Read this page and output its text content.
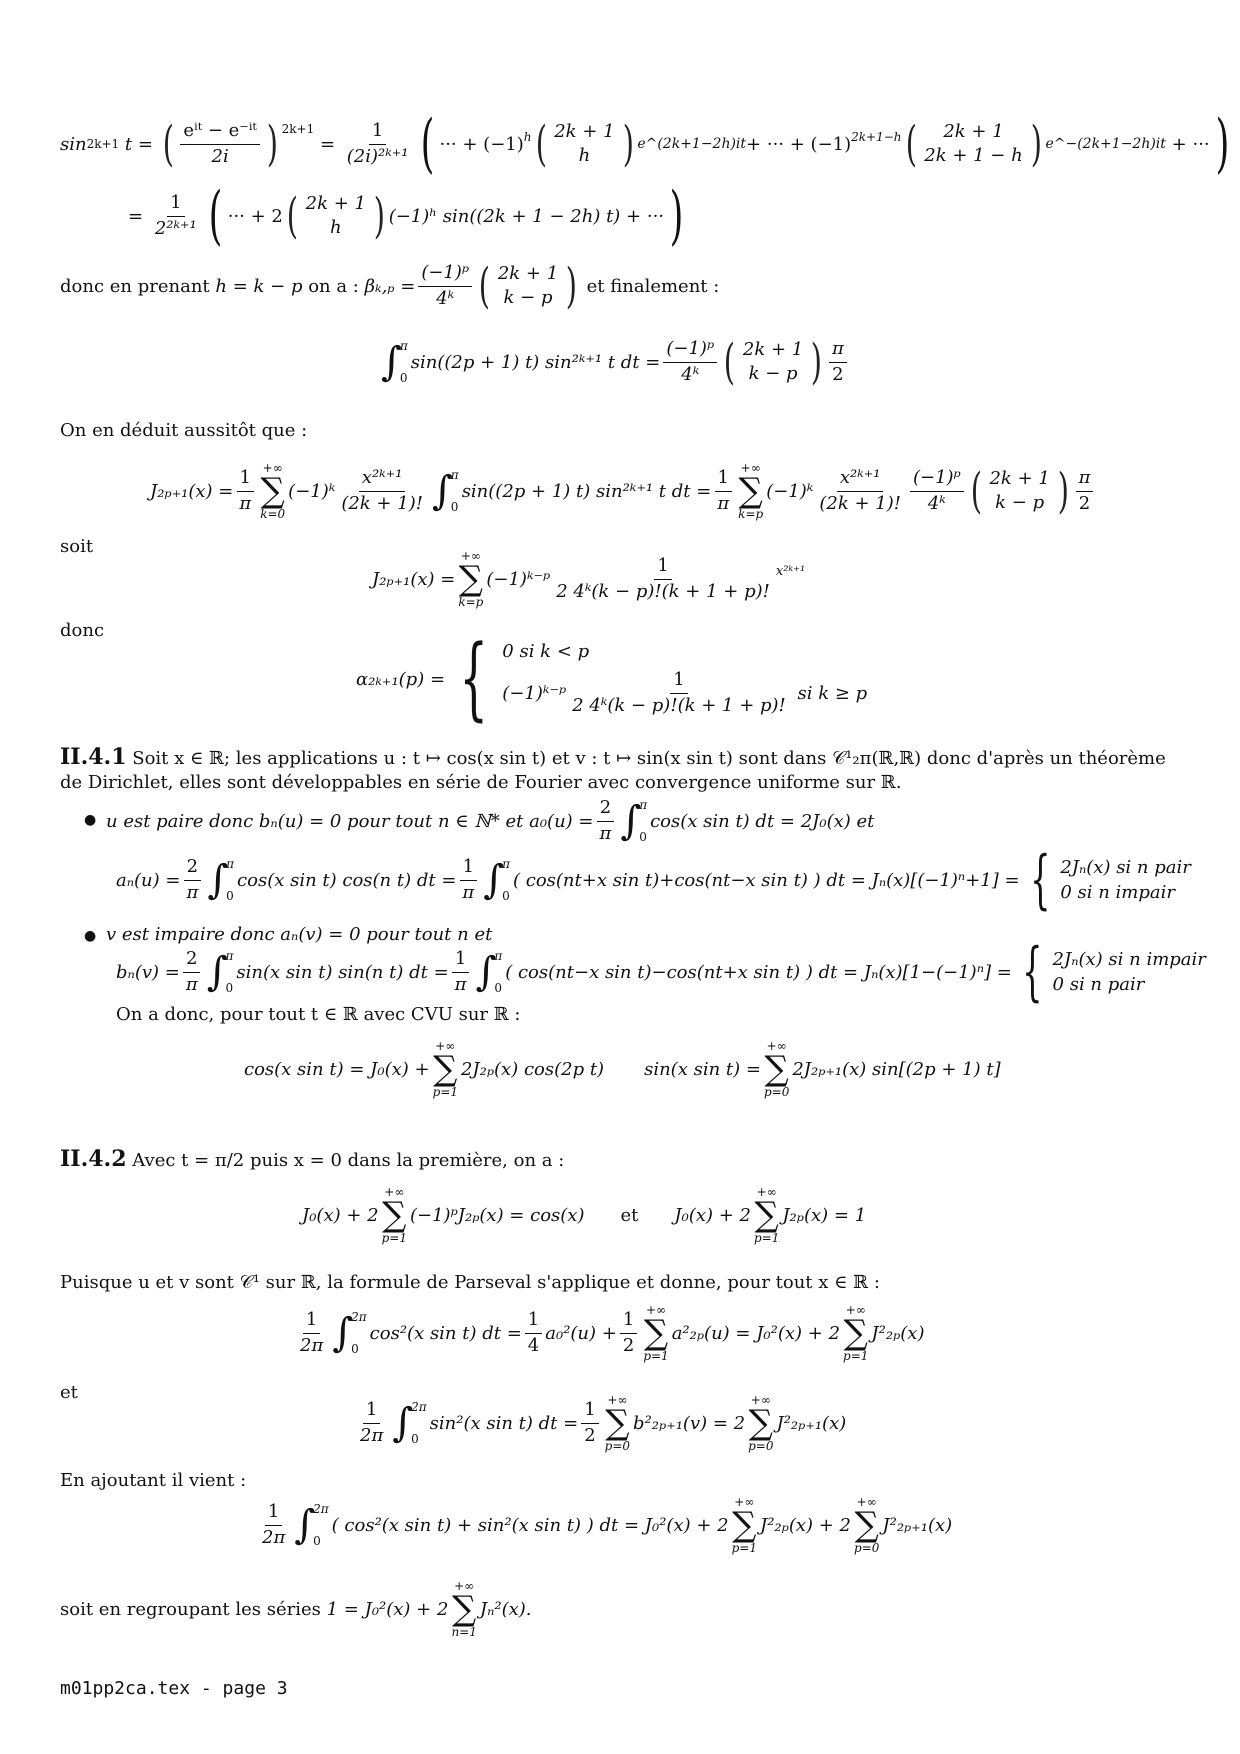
sin 2k+1 t = ( $\frac{\text{eⁱᵗ − e⁻ⁱᵗ}}{2i}$ ) $^{2k+1}$
= $\frac{1}{\text{(2i)²ᵏ⁺¹}}$ ( ··· + $(-1)^h$ ( 2k + 1
h ) e^(2k+1−2h)it + ··· + $(-1)^{2k+1-h}$ ( 2k + 1
2k + 1 − h ) e^−(2k+1−2h)it
+ ··· )
= $\frac{1}{\text{2²ᵏ⁺¹}}$ ( ··· + 2 ( 2k + 1
h ) (−1)ʰ sin((2k + 1 − 2h) t) + ··· )
donc en prenant
h = k − p
on a :
$\beta_k,_p = \frac{\text{(−1)ᵖ}}{\text{4ᵏ}}$ ( 2k + 1
k − p )
et finalement :
∫
π
0
sin((2p + 1) t) sin²ᵏ⁺¹ t dt = $\frac{\text{(−1)ᵖ}}{\text{4ᵏ}}$ ( 2k + 1
k − p ) $\frac{\pi}{2}$
On en déduit aussitôt que :
$J_{2p+1}(x) = \frac{1}{\pi}$ +∞
∑
k=0
(−1)ᵏ $\frac{\text{x²ᵏ⁺¹}}{(2k + 1)!}$ ∫
π
0
sin((2p + 1) t) sin²ᵏ⁺¹ t dt = $\frac{1}{\pi}$ +∞
∑
k=p
(−1)ᵏ $\frac{\text{x²ᵏ⁺¹}}{(2k + 1)!} \frac{\text{(−1)ᵖ}}{\text{4ᵏ}}$ ( 2k + 1
k − p ) $\frac{\pi}{2}$
soit
J₂ₚ₊₁(x) =
+∞
∑
k=p
(−1)ᵏ⁻ᵖ $\frac{1}{\text{2 4ᵏ(k − p)!(k + 1 + p)!}}$ x²ᵏ⁺¹
donc
α₂ₖ₊₁(p) = { 0 si k < p
(−1)ᵏ⁻ᵖ $\frac{1}{\text{2 4ᵏ(k − p)!(k + 1 + p)!}}$
si k ≥ p
II.4.1 Soit x ∈ ℝ; les applications u : t ↦ cos(x sin t) et v : t ↦ sin(x sin t) sont dans 𝒞¹₂π(ℝ,ℝ) donc d'après un théorème
de Dirichlet, elles sont développables en série de Fourier avec convergence uniforme sur ℝ.
● u est paire donc bₙ(u) = 0 pour tout n ∈ ℕ* et $a_0(u) = \frac{2}{\pi}$ ∫
π
0
cos(x sin t) dt = 2J₀(x) et
$a_n(u) = \frac{2}{\pi}$ ∫
π
0
cos(x sin t) cos(n t) dt = $\frac{1}{\pi}$ ∫
π
0
( cos(nt+x sin t)+cos(nt−x sin t) ) dt = Jₙ(x)[(−1)ⁿ+1] = { 2Jₙ(x) si n pair
0 si n impair
● v est impaire donc aₙ(v) = 0 pour tout n et
$b_n(v) = \frac{2}{\pi}$ ∫
π
0
sin(x sin t) sin(n t) dt = $\frac{1}{\pi}$ ∫
π
0
( cos(nt−x sin t)−cos(nt+x sin t) ) dt = Jₙ(x)[1−(−1)ⁿ] = { 2Jₙ(x) si n impair
0 si n pair
On a donc, pour tout t ∈ ℝ avec CVU sur ℝ :
cos(x sin t) = J₀(x) +
+∞
∑
p=1
2J₂ₚ(x) cos(2p t) sin(x sin t) =
+∞
∑
p=0
2J₂ₚ₊₁(x) sin[(2p + 1) t]
II.4.2 Avec t = π/2 puis x = 0 dans la première, on a :
J₀(x) + 2
+∞
∑
p=1
(−1)ᵖJ₂ₚ(x) = cos(x) et J₀(x) + 2
+∞
∑
p=1
J₂ₚ(x) = 1
Puisque u et v sont 𝒞¹ sur ℝ, la formule de Parseval s'applique et donne, pour tout x ∈ ℝ :
$\frac{1}{2\pi}$ ∫
2π
0
cos²(x sin t) dt = $\frac{1}{4} a_0^2(u) + \frac{1}{2}$ +∞
∑
p=1
a²₂ₚ(u) = J₀²(x) + 2
+∞
∑
p=1
J²₂ₚ(x)
et
$\frac{1}{2\pi}$ ∫
2π
0
sin²(x sin t) dt = $\frac{1}{2}$ +∞
∑
p=0
b²₂ₚ₊₁(v) = 2
+∞
∑
p=0
J²₂ₚ₊₁(x)
En ajoutant il vient :
$\frac{1}{2\pi}$ ∫
2π
0
( cos²(x sin t) + sin²(x sin t) ) dt = J₀²(x) + 2
+∞
∑
p=1
J²₂ₚ(x) + 2
+∞
∑
p=0
J²₂ₚ₊₁(x)
soit en regroupant les séries
1 = J₀²(x) + 2
+∞
∑
n=1
Jₙ²(x).
m01pp2ca.tex - page 3
